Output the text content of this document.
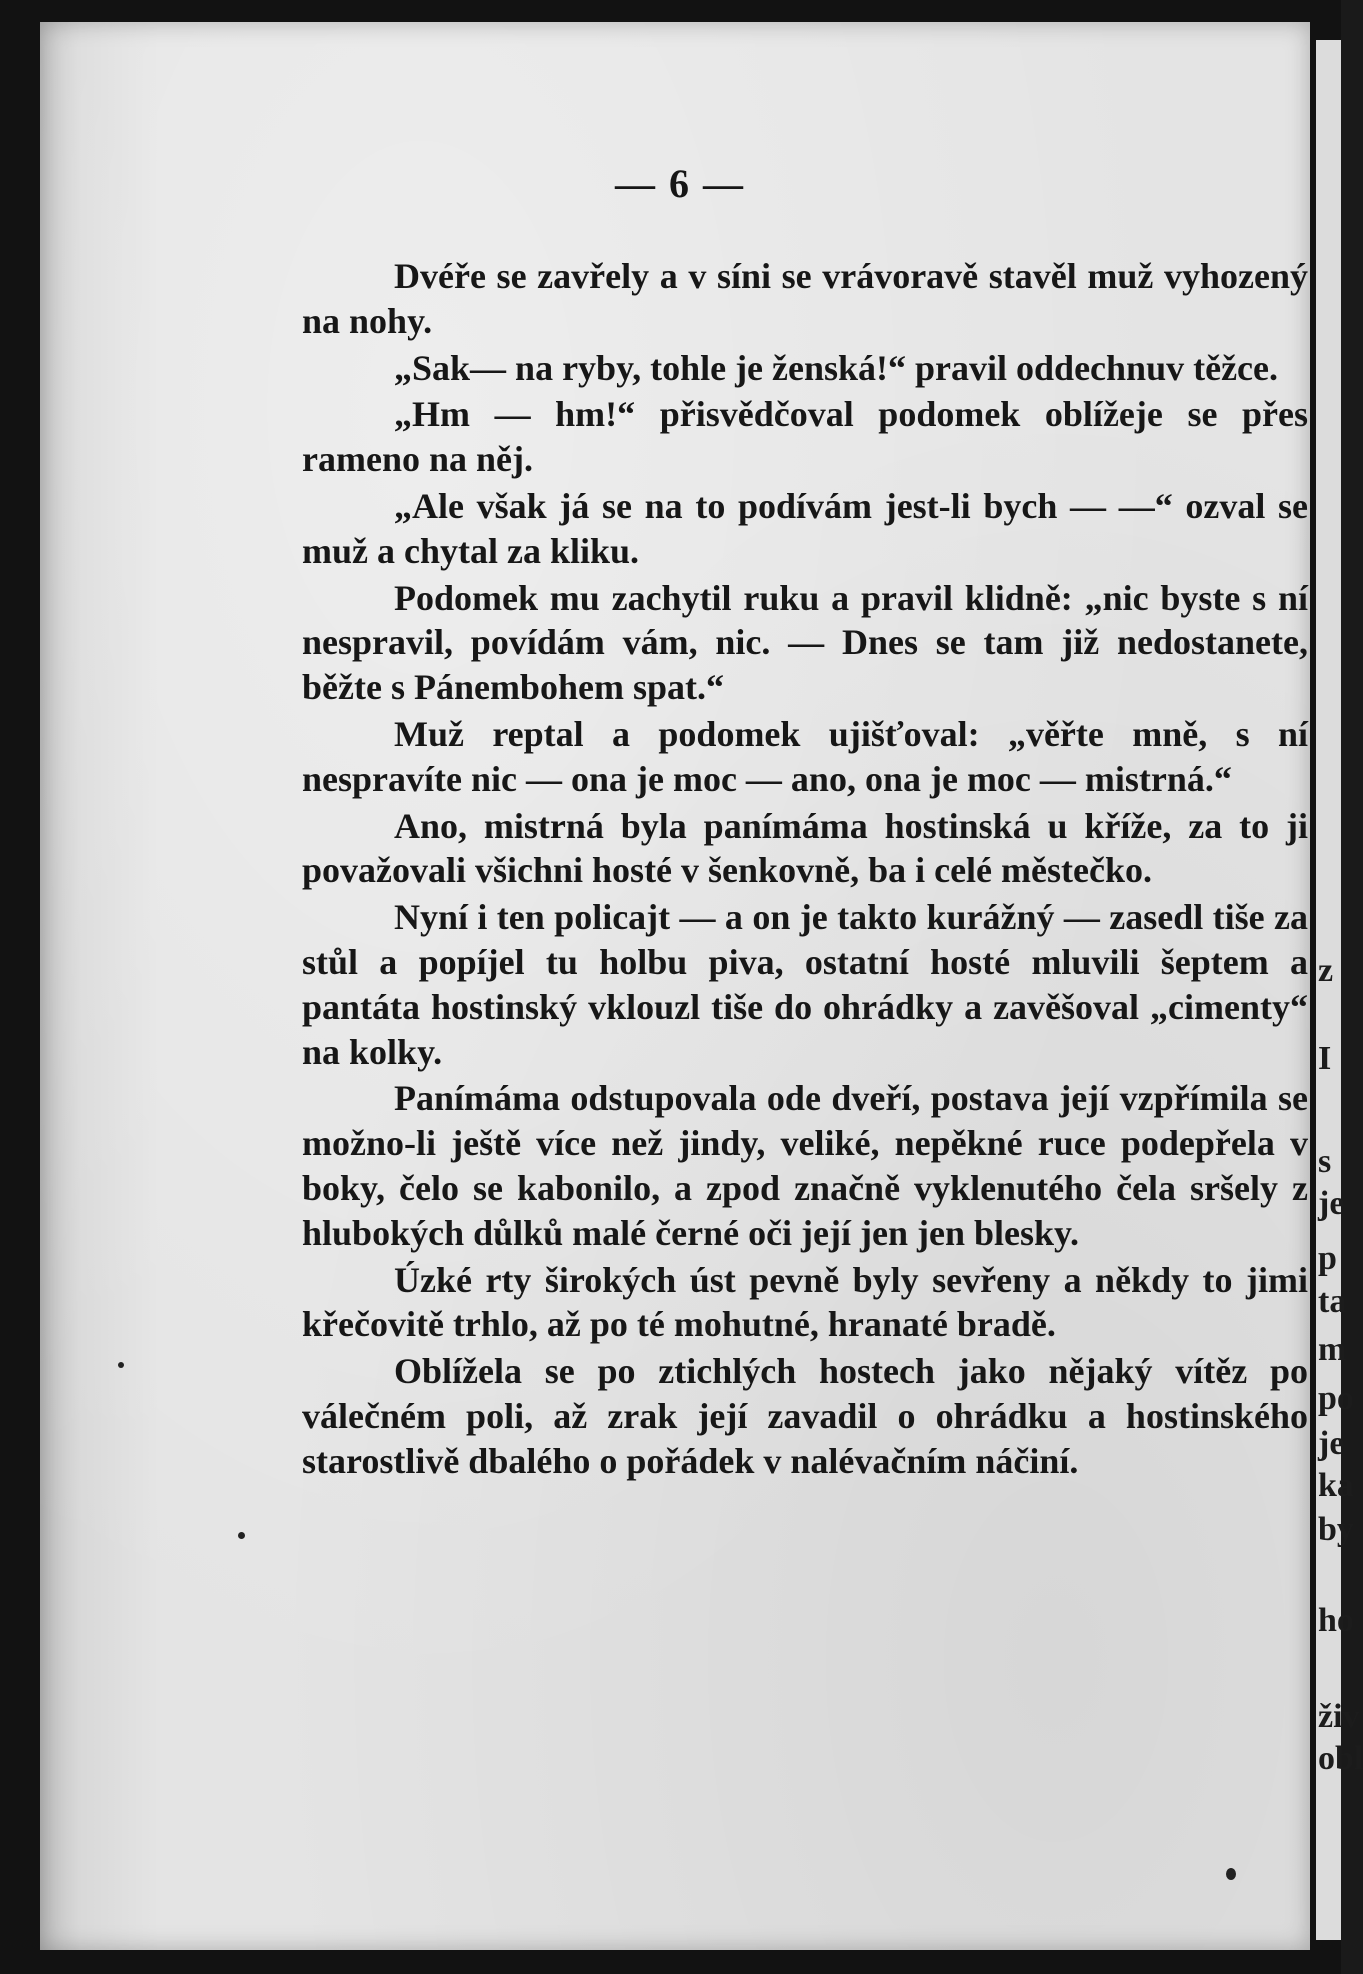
— 6 —

Dvéře se zavřely a v síni se vrávoravě stavěl muž vyhozený na nohy.

„Sak— na ryby, tohle je ženská!“ pravil oddechnuv těžce.

„Hm — hm!“ přisvědčoval podomek oblížeje se přes rameno na něj.

„Ale však já se na to podívám jest-li bych — —“ ozval se muž a chytal za kliku.

Podomek mu zachytil ruku a pravil klidně: „nic byste s ní nespravil, povídám vám, nic. — Dnes se tam již nedostanete, běžte s Pánembohem spat.“

Muž reptal a podomek ujišťoval: „věřte mně, s ní nespravíte nic — ona je moc — ano, ona je moc — mistrná.“

Ano, mistrná byla panímáma hostinská u kříže, za to ji považovali všichni hosté v šenkovně, ba i celé městečko.

Nyní i ten policajt — a on je takto kurážný — zasedl tiše za stůl a popíjel tu holbu piva, ostatní hosté mluvili šeptem a pantáta hostinský vklouzl tiše do ohrádky a zavěšoval „cimenty“ na kolky.

Panímáma odstupovala ode dveří, postava její vzpřímila se možno-li ještě více než jindy, veliké, nepěkné ruce podepřela v boky, čelo se kabonilo, a zpod značně vyklenutého čela sršely z hlubokých důlků malé černé oči její jen jen blesky.

Úzké rty širokých úst pevně byly sevřeny a někdy to jimi křečovitě trhlo, až po té mohutné, hranaté bradě.

Oblížela se po ztichlých hostech jako nějaký vítěz po válečném poli, až zrak její zavadil o ohrádku a hostinského starostlivě dbalého o pořádek v nalévačním náčiní.

z
I
s
je
p
ta
m
po
je
ka
by
ho
živ
obl
